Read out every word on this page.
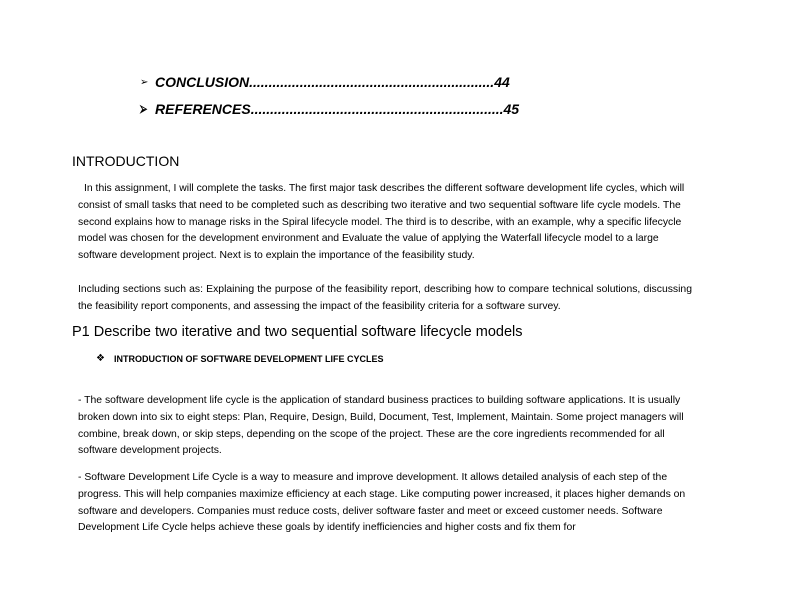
➢ CONCLUSION ............................................................... 44
⮚ REFERENCES ................................................................. 45
INTRODUCTION

In this assignment, I will complete the tasks. The first major task describes the different software development life cycles, which will consist of small tasks that need to be completed such as describing two iterative and two sequential software life cycle models. The second explains how to manage risks in the Spiral lifecycle model. The third is to describe, with an example, why a specific lifecycle model was chosen for the development environment and Evaluate the value of applying the Waterfall lifecycle model to a large software development project. Next is to explain the importance of the feasibility study.

Including sections such as: Explaining the purpose of the feasibility report, describing how to compare technical solutions, discussing the feasibility report components, and assessing the impact of the feasibility criteria for a software survey.

P1 Describe two iterative and two sequential software lifecycle models
❖	INTRODUCTION OF SOFTWARE DEVELOPMENT LIFE CYCLES

- The software development life cycle is the application of standard business practices to building software applications. It is usually broken down into six to eight steps: Plan, Require, Design, Build, Document, Test, Implement, Maintain. Some project managers will combine, break down, or skip steps, depending on the scope of the project. These are the core ingredients recommended for all software development projects.

- Software Development Life Cycle is a way to measure and improve development. It allows detailed analysis of each step of the progress. This will help companies maximize efficiency at each stage. Like computing power increased, it places higher demands on software and developers. Companies must reduce costs, deliver software faster and meet or exceed customer needs. Software Development Life Cycle helps achieve these goals by identify inefficiencies and higher costs and fix them for
